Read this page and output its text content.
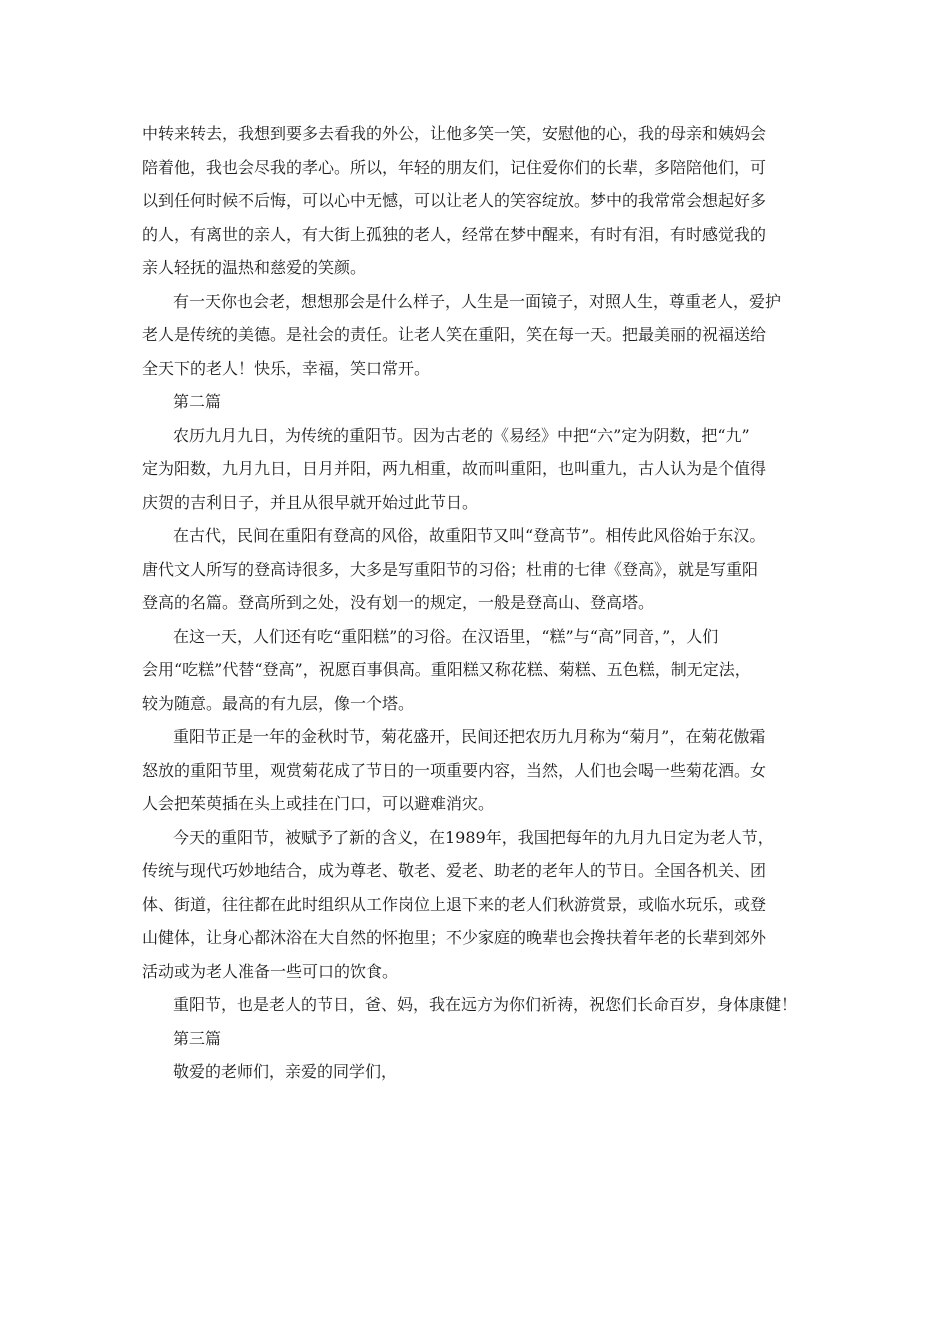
中转来转去，我想到要多去看我的外公，让他多笑一笑，安慰他的心，我的母亲和姨妈会
陪着他，我也会尽我的孝心。所以，年轻的朋友们，记住爱你们的长辈，多陪陪他们，可
以到任何时候不后悔，可以心中无憾，可以让老人的笑容绽放。梦中的我常常会想起好多
的人，有离世的亲人，有大街上孤独的老人，经常在梦中醒来，有时有泪，有时感觉我的
亲人轻抚的温热和慈爱的笑颜。
有一天你也会老，想想那会是什么样子，人生是一面镜子，对照人生，尊重老人，爱护
老人是传统的美德。是社会的责任。让老人笑在重阳，笑在每一天。把最美丽的祝福送给
全天下的老人！快乐，幸福，笑口常开。
第二篇
农历九月九日，为传统的重阳节。因为古老的《易经》中把“六”定为阴数，把“九”
定为阳数，九月九日，日月并阳，两九相重，故而叫重阳，也叫重九，古人认为是个值得
庆贺的吉利日子，并且从很早就开始过此节日。
在古代，民间在重阳有登高的风俗，故重阳节又叫“登高节”。相传此风俗始于东汉。
唐代文人所写的登高诗很多，大多是写重阳节的习俗；杜甫的七律《登高》，就是写重阳
登高的名篇。登高所到之处，没有划一的规定，一般是登高山、登高塔。
在这一天，人们还有吃“重阳糕”的习俗。在汉语里，“糕”与“高”同音，”，人们
会用“吃糕”代替“登高”，祝愿百事俱高。重阳糕又称花糕、菊糕、五色糕，制无定法，
较为随意。最高的有九层，像一个塔。
重阳节正是一年的金秋时节，菊花盛开，民间还把农历九月称为“菊月”，在菊花傲霜
怒放的重阳节里，观赏菊花成了节日的一项重要内容，当然，人们也会喝一些菊花酒。女
人会把茱萸插在头上或挂在门口，可以避难消灾。
今天的重阳节，被赋予了新的含义，在1989年，我国把每年的九月九日定为老人节，
传统与现代巧妙地结合，成为尊老、敬老、爱老、助老的老年人的节日。全国各机关、团
体、街道，往往都在此时组织从工作岗位上退下来的老人们秋游赏景，或临水玩乐，或登
山健体，让身心都沐浴在大自然的怀抱里；不少家庭的晚辈也会搀扶着年老的长辈到郊外
活动或为老人准备一些可口的饮食。
重阳节，也是老人的节日，爸、妈，我在远方为你们祈祷，祝您们长命百岁，身体康健！
第三篇
敬爱的老师们，亲爱的同学们，
